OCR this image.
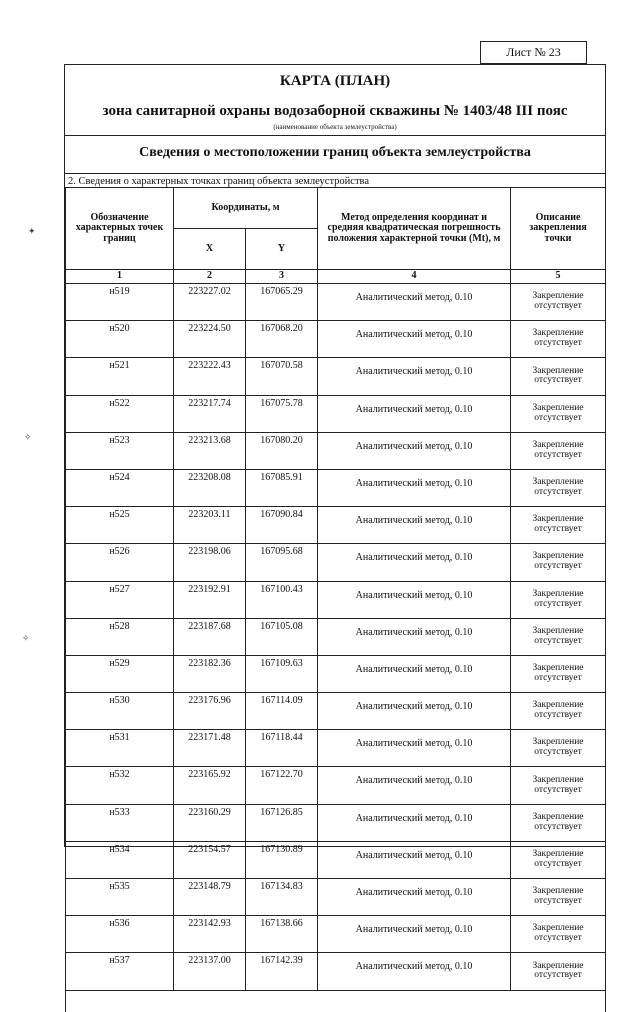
Лист № 23
✦
✧
✧
КАРТА (ПЛАН)
зона санитарной охраны водозаборной скважины № 1403/48 III пояс
(наименование объекта землеустройства)
Сведения о местоположении границ объекта землеустройства
2. Сведения о характерных точках границ объекта землеустройства
Обозначение характерных точек границ	Координаты, м		Метод определения координат и средняя квадратическая погрешность положения характерной точки (Mt), м	Описание закрепления точки
	X	Y		
1	2	3	4	5
н519	223227.02	167065.29	Аналитический метод, 0.10	Закрепление отсутствует
н520	223224.50	167068.20	Аналитический метод, 0.10	Закрепление отсутствует
н521	223222.43	167070.58	Аналитический метод, 0.10	Закрепление отсутствует
н522	223217.74	167075.78	Аналитический метод, 0.10	Закрепление отсутствует
н523	223213.68	167080.20	Аналитический метод, 0.10	Закрепление отсутствует
н524	223208.08	167085.91	Аналитический метод, 0.10	Закрепление отсутствует
н525	223203.11	167090.84	Аналитический метод, 0.10	Закрепление отсутствует
н526	223198.06	167095.68	Аналитический метод, 0.10	Закрепление отсутствует
н527	223192.91	167100.43	Аналитический метод, 0.10	Закрепление отсутствует
н528	223187.68	167105.08	Аналитический метод, 0.10	Закрепление отсутствует
н529	223182.36	167109.63	Аналитический метод, 0.10	Закрепление отсутствует
н530	223176.96	167114.09	Аналитический метод, 0.10	Закрепление отсутствует
н531	223171.48	167118.44	Аналитический метод, 0.10	Закрепление отсутствует
н532	223165.92	167122.70	Аналитический метод, 0.10	Закрепление отсутствует
н533	223160.29	167126.85	Аналитический метод, 0.10	Закрепление отсутствует
н534	223154.57	167130.89	Аналитический метод, 0.10	Закрепление отсутствует
н535	223148.79	167134.83	Аналитический метод, 0.10	Закрепление отсутствует
н536	223142.93	167138.66	Аналитический метод, 0.10	Закрепление отсутствует
н537	223137.00	167142.39	Аналитический метод, 0.10	Закрепление отсутствует
